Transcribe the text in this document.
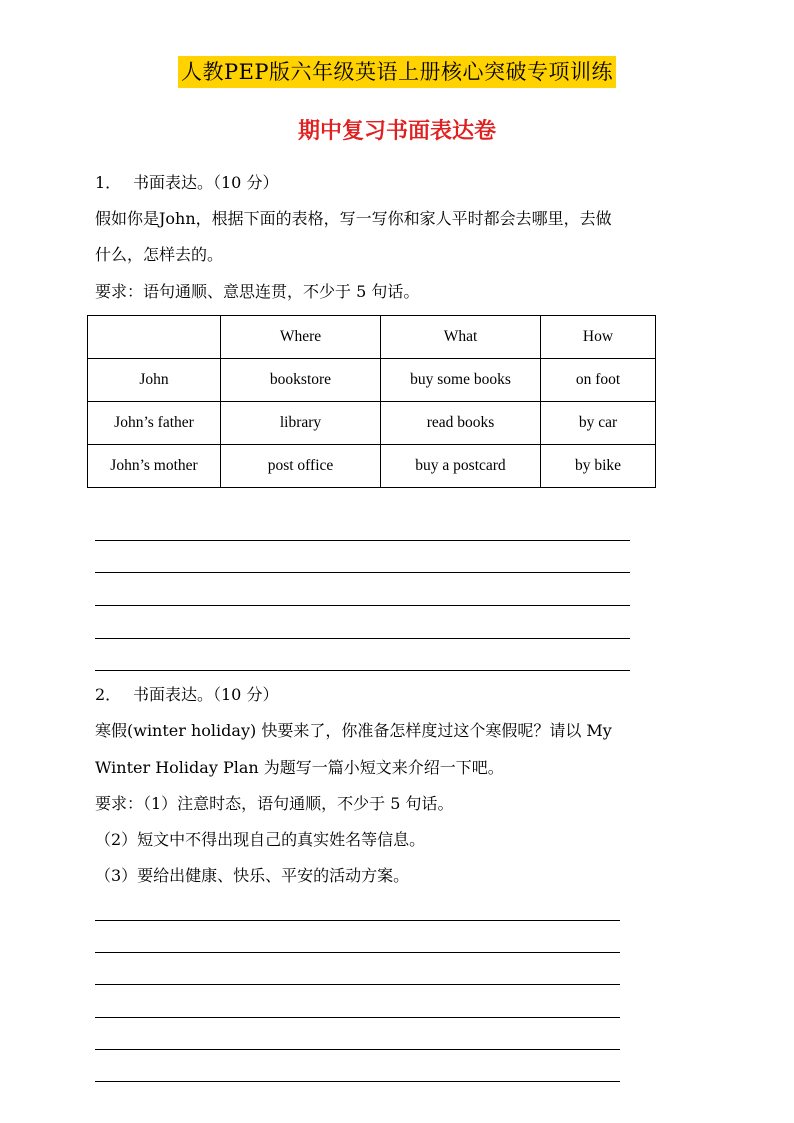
人教PEP版六年级英语上册核心突破专项训练
期中复习书面表达卷
1． 书面表达。（10 分）
假如你是John，根据下面的表格，写一写你和家人平时都会去哪里，去做
什么，怎样去的。
要求：语句通顺、意思连贯，不少于 5 句话。
	Where	What	How
John	bookstore	buy some books	on foot
John’s father	library	read books	by car
John’s mother	post office	buy a postcard	by bike
2． 书面表达。（10 分）
寒假(winter holiday) 快要来了，你准备怎样度过这个寒假呢？请以 My
Winter Holiday Plan 为题写一篇小短文来介绍一下吧。
要求：（1）注意时态，语句通顺，不少于 5 句话。
（2）短文中不得出现自己的真实姓名等信息。
（3）要给出健康、快乐、平安的活动方案。
